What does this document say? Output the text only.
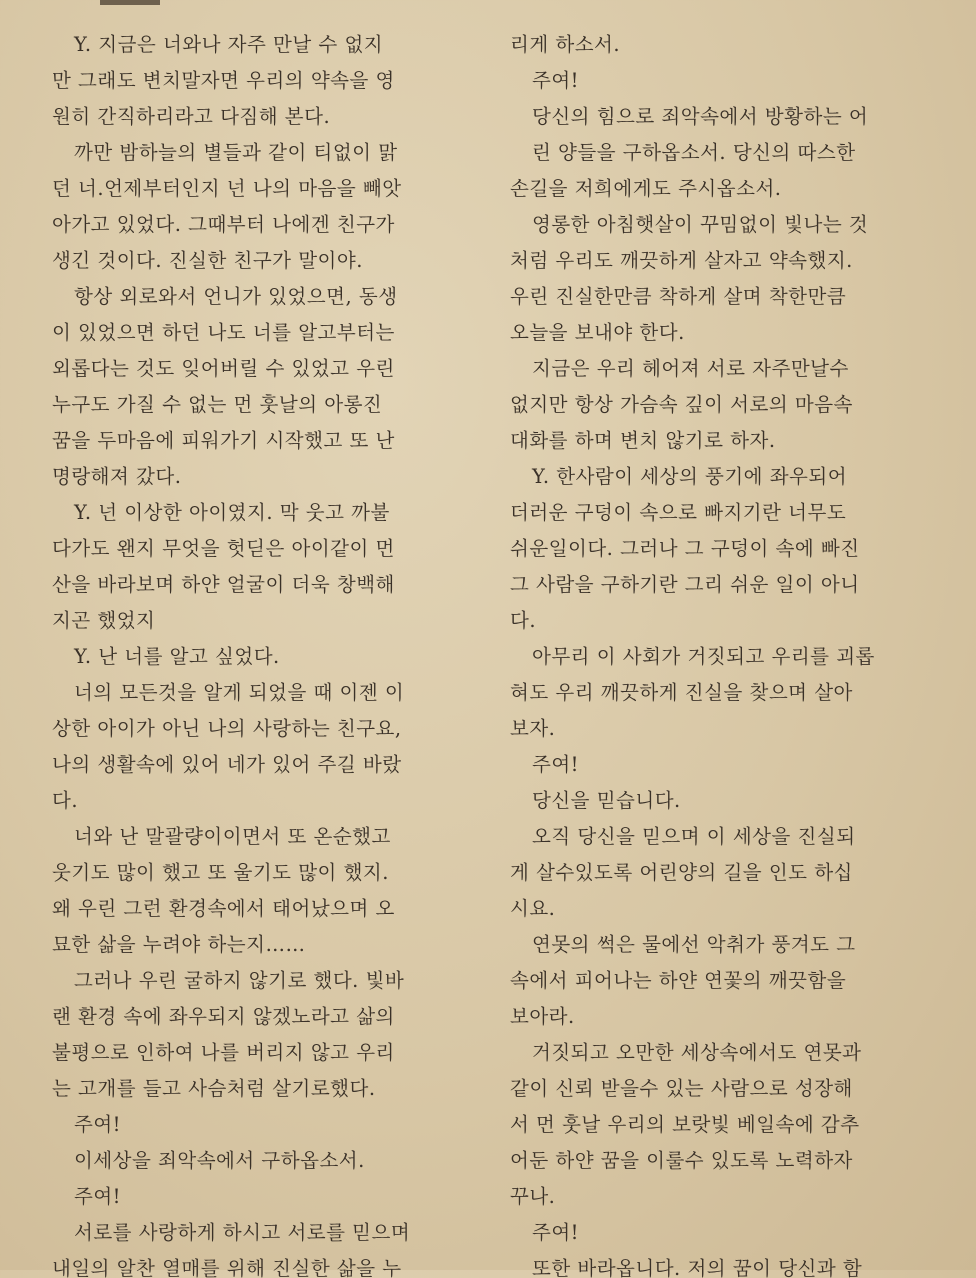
Y. 지금은 너와나 자주 만날 수 없지
만 그래도 변치말자면 우리의 약속을 영
원히 간직하리라고 다짐해 본다.
까만 밤하늘의 별들과 같이 티없이 맑
던 너.언제부터인지 넌 나의 마음을 빼앗
아가고 있었다. 그때부터 나에겐 친구가
생긴 것이다. 진실한 친구가 말이야.
항상 외로와서 언니가 있었으면, 동생
이 있었으면 하던 나도 너를 알고부터는
외롭다는 것도 잊어버릴 수 있었고 우린
누구도 가질 수 없는 먼 훗날의 아롱진
꿈을 두마음에 피워가기 시작했고 또 난
명랑해져 갔다.
Y. 넌 이상한 아이였지. 막 웃고 까불
다가도 왠지 무엇을 헛딛은 아이같이 먼
산을 바라보며 하얀 얼굴이 더욱 창백해
지곤 했었지
Y. 난 너를 알고 싶었다.
너의 모든것을 알게 되었을 때 이젠 이
상한 아이가 아닌 나의 사랑하는 친구요,
나의 생활속에 있어 네가 있어 주길 바랐
다.
너와 난 말괄량이이면서 또 온순했고
웃기도 많이 했고 또 울기도 많이 했지.
왜 우린 그런 환경속에서 태어났으며 오
묘한 삶을 누려야 하는지……
그러나 우린 굴하지 않기로 했다. 빛바
랜 환경 속에 좌우되지 않겠노라고 삶의
불평으로 인하여 나를 버리지 않고 우리
는 고개를 들고 사슴처럼 살기로했다.
주여!
이세상을 죄악속에서 구하옵소서.
주여!
서로를 사랑하게 하시고 서로를 믿으며
내일의 알찬 열매를 위해 진실한 삶을 누
리게 하소서.
주여!
당신의 힘으로 죄악속에서 방황하는 어
린 양들을 구하옵소서. 당신의 따스한
손길을 저희에게도 주시옵소서.
영롱한 아침햇살이 꾸밈없이 빛나는 것
처럼 우리도 깨끗하게 살자고 약속했지.
우린 진실한만큼 착하게 살며 착한만큼
오늘을 보내야 한다.
지금은 우리 헤어져 서로 자주만날수
없지만 항상 가슴속 깊이 서로의 마음속
대화를 하며 변치 않기로 하자.
Y. 한사람이 세상의 풍기에 좌우되어
더러운 구덩이 속으로 빠지기란 너무도
쉬운일이다. 그러나 그 구덩이 속에 빠진
그 사람을 구하기란 그리 쉬운 일이 아니
다.
아무리 이 사회가 거짓되고 우리를 괴롭
혀도 우리 깨끗하게 진실을 찾으며 살아
보자.
주여!
당신을 믿습니다.
오직 당신을 믿으며 이 세상을 진실되
게 살수있도록 어린양의 길을 인도 하십
시요.
연못의 썩은 물에선 악취가 풍겨도 그
속에서 피어나는 하얀 연꽃의 깨끗함을
보아라.
거짓되고 오만한 세상속에서도 연못과
같이 신뢰 받을수 있는 사람으로 성장해
서 먼 훗날 우리의 보랏빛 베일속에 감추
어둔 하얀 꿈을 이룰수 있도록 노력하자
꾸나.
주여!
또한 바라옵니다. 저의 꿈이 당신과 함
